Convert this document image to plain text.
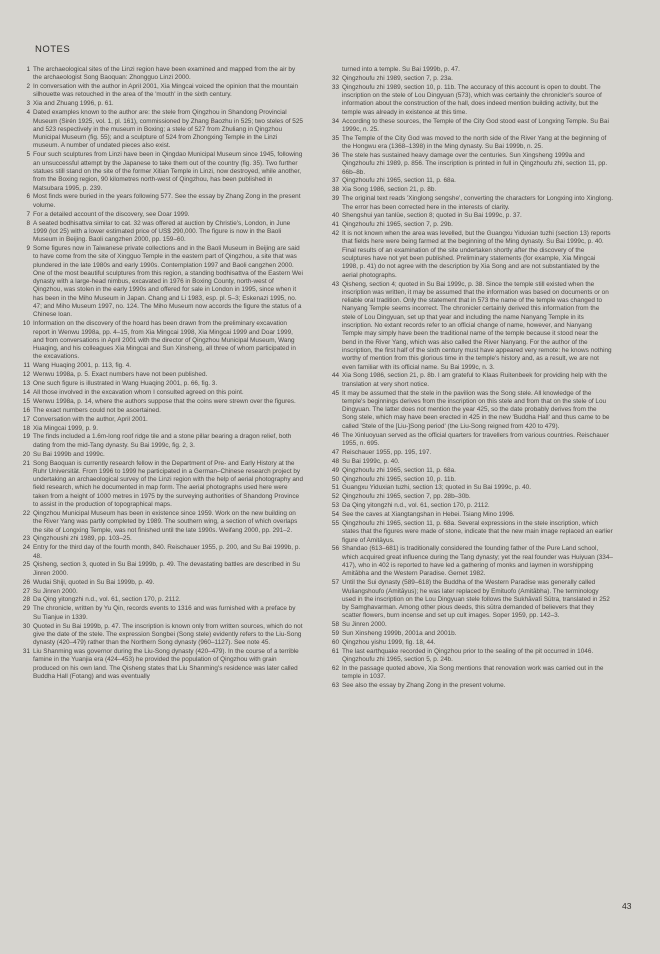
NOTES
1 The archaeological sites of the Linzi region have been examined and mapped from the air by the archaeologist Song Baoquan: Zhongguo Linzi 2000.
2 In conversation with the author in April 2001, Xia Mingcai voiced the opinion that the mountain silhouette was retouched in the area of the 'mouth' in the sixth century.
3 Xia and Zhuang 1996, p. 61.
4 Dated examples known to the author are: the stele from Qingzhou in Shandong Provincial Museum (Sirén 1925, vol. 1, pl. 161), commissioned by Zhang Baozhu in 525; two steles of 525 and 523 respectively in the museum in Boxing; a stele of 527 from Zhuliang in Qingzhou Municipal Museum (fig. 55); and a sculpture of 524 from Zhongxing Temple in the Linzi museum. A number of undated pieces also exist.
5 Four such sculptures from Linzi have been in Qingdao Municipal Museum since 1945, following an unsuccessful attempt by the Japanese to take them out of the country (fig. 35). Two further statues still stand on the site of the former Xitian Temple in Linzi, now destroyed, while another, from the Boxing region, 90 kilometres north-west of Qingzhou, has been published in Matsubara 1995, p. 239.
6 Most finds were buried in the years following 577. See the essay by Zhang Zong in the present volume.
7 For a detailed account of the discovery, see Doar 1999.
8 A seated bodhisattva similar to cat. 32 was offered at auction by Christie's, London, in June 1999 (lot 25) with a lower estimated price of US$ 290,000. The figure is now in the Baoli Museum in Beijing. Baoli cangzhen 2000, pp. 159–60.
9 Some figures now in Taiwanese private collections and in the Baoli Museum in Beijing are said to have come from the site of Xingguo Temple in the eastern part of Qingzhou, a site that was plundered in the late 1980s and early 1990s. Contemplation 1997 and Baoli cangzhen 2000. One of the most beautiful sculptures from this region, a standing bodhisattva of the Eastern Wei dynasty with a large-head nimbus, excavated in 1976 in Boxing County, north-west of Qingzhou, was stolen in the early 1990s and offered for sale in London in 1995, since when it has been in the Miho Museum in Japan. Chang and Li 1983, esp. pl. 5–3; Eskenazi 1995, no. 47; and Miho Museum 1997, no. 124. The Miho Museum now accords the figure the status of a Chinese loan.
10 Information on the discovery of the hoard has been drawn from the preliminary excavation report in Wenwu 1998a, pp. 4–15, from Xia Mingcai 1998, Xia Mingcai 1999 and Doar 1999, and from conversations in April 2001 with the director of Qingzhou Municipal Museum, Wang Huaqing, and his colleagues Xia Mingcai and Sun Xinsheng, all three of whom participated in the excavations.
11 Wang Huaqing 2001, p. 113, fig. 4.
12 Wenwu 1998a, p. 5. Exact numbers have not been published.
13 One such figure is illustrated in Wang Huaqing 2001, p. 66, fig. 3.
14 All those involved in the excavation whom I consulted agreed on this point.
15 Wenwu 1998a, p. 14, where the authors suppose that the coins were strewn over the figures.
16 The exact numbers could not be ascertained.
17 Conversation with the author, April 2001.
18 Xia Mingcai 1999, p. 9.
19 The finds included a 1.6m-long roof ridge tile and a stone pillar bearing a dragon relief, both dating from the mid-Tang dynasty. Su Bai 1999c, fig. 2, 3.
20 Su Bai 1999b and 1999c.
21 Song Baoquan is currently research fellow in the Department of Pre- and Early History at the Ruhr Universität. From 1996 to 1999 he participated in a German–Chinese research project by undertaking an archaeological survey of the Linzi region with the help of aerial photography and field research, which he documented in map form. The aerial photographs used here were taken from a height of 1000 metres in 1975 by the surveying authorities of Shandong Province to assist in the production of topographical maps.
22 Qingzhou Municipal Museum has been in existence since 1959. Work on the new building on the River Yang was partly completed by 1989. The southern wing, a section of which overlaps the site of Longxing Temple, was not finished until the late 1990s. Weifang 2000, pp. 291–2.
23 Qingzhoushi zhi 1989, pp. 103–25.
24 Entry for the third day of the fourth month, 840. Reischauer 1955, p. 200, and Su Bai 1999b, p. 48.
25 Qisheng, section 3, quoted in Su Bai 1999b, p. 49. The devastating battles are described in Su Jinren 2000.
26 Wudai Shiji, quoted in Su Bai 1999b, p. 49.
27 Su Jinren 2000.
28 Da Qing yitongzhi n.d., vol. 61, section 170, p. 2112.
29 The chronicle, written by Yu Qin, records events to 1316 and was furnished with a preface by Su Tianjue in 1339.
30 Quoted in Su Bai 1999b, p. 47. The inscription is known only from written sources, which do not give the date of the stele. The expression Songbei (Song stele) evidently refers to the Liu-Song dynasty (420–479) rather than the Northern Song dynasty (960–1127). See note 45.
31 Liu Shanming was governor during the Liu-Song dynasty (420–479). In the course of a terrible famine in the Yuanjia era (424–453) he provided the population of Qingzhou with grain produced on his own land. The Qisheng states that Liu Shanming's residence was later called Buddha Hall (Fotang) and was eventually
turned into a temple. Su Bai 1999b, p. 47.
32 Qingzhoufu zhi 1989, section 7, p. 23a.
33 Qingzhoufu zhi 1989, section 10, p. 11b. The accuracy of this account is open to doubt. The inscription on the stele of Lou Dingyuan (573), which was certainly the chronicler's source of information about the construction of the hall, does indeed mention building activity, but the temple was already in existence at this time.
34 According to these sources, the Temple of the City God stood east of Longxing Temple. Su Bai 1999c, n. 25.
35 The Temple of the City God was moved to the north side of the River Yang at the beginning of the Hongwu era (1368–1398) in the Ming dynasty. Su Bai 1999b, n. 25.
36 The stele has sustained heavy damage over the centuries. Sun Xingsheng 1999a and Qingzhoufu zhi 1989, p. 856. The inscription is printed in full in Qingzhoufu zhi, section 11, pp. 66b–8b.
37 Qingzhoufu zhi 1965, section 11, p. 68a.
38 Xia Song 1986, section 21, p. 8b.
39 The original text reads 'Xinglong sengshe', converting the characters for Longxing into Xinglong. The error has been corrected here in the interests of clarity.
40 Shengshui yan tanlüe, section 8; quoted in Su Bai 1999c, p. 37.
41 Qingzhoufu zhi 1965, section 7, p. 29b.
42 It is not known when the area was levelled, but the Guangxu Yiduxian tuzhi (section 13) reports that fields here were being farmed at the beginning of the Ming dynasty. Su Bai 1999c, p. 40. Final results of an examination of the site undertaken shortly after the discovery of the sculptures have not yet been published. Preliminary statements (for example, Xia Mingcai 1998, p. 41) do not agree with the description by Xia Song and are not substantiated by the aerial photographs.
43 Qisheng, section 4; quoted in Su Bai 1999c, p. 38. Since the temple still existed when the inscription was written, it may be assumed that the information was based on documents or on reliable oral tradition. Only the statement that in 573 the name of the temple was changed to Nanyang Temple seems incorrect. The chronicler certainly derived this information from the stele of Lou Dingyuan, set up that year and including the name Nanyang Temple in its inscription. No extant records refer to an official change of name, however, and Nanyang Temple may simply have been the traditional name of the temple because it stood near the bend in the River Yang, which was also called the River Nanyang. For the author of the inscription, the first half of the sixth century must have appeared very remote: he knows nothing worthy of mention from this glorious time in the temple's history and, as a result, we are not even familiar with its official name. Su Bai 1999c, n. 3.
44 Xia Song 1986, section 21, p. 8b. I am grateful to Klaas Ruitenbeek for providing help with the translation at very short notice.
45 It may be assumed that the stele in the pavilion was the Song stele. All knowledge of the temple's beginnings derives from the inscription on this stele and from that on the stele of Lou Dingyuan. The latter does not mention the year 425, so the date probably derives from the Song stele, which may have been erected in 425 in the new 'Buddha Hall' and thus came to be called 'Stele of the [Liu-]Song period' (the Liu-Song reigned from 420 to 479).
46 The Xinluoyuan served as the official quarters for travellers from various countries. Reischauer 1955, n. 695.
47 Reischauer 1955, pp. 195, 197.
48 Su Bai 1999c, p. 40.
49 Qingzhoufu zhi 1965, section 11, p. 68a.
50 Qingzhoufu zhi 1965, section 10, p. 11b.
51 Guangxu Yiduxian tuzhi, section 13; quoted in Su Bai 1999c, p. 40.
52 Qingzhoufu zhi 1965, section 7, pp. 28b–30b.
53 Da Qing yitongzhi n.d., vol. 61, section 170, p. 2112.
54 See the caves at Xiangtangshan in Hebei. Tsiang Mino 1996.
55 Qingzhoufu zhi 1965, section 11, p. 68a. Several expressions in the stele inscription, which states that the figures were made of stone, indicate that the new main image replaced an earlier figure of Amitāyus.
56 Shandao (613–681) is traditionally considered the founding father of the Pure Land school, which acquired great influence during the Tang dynasty; yet the real founder was Huiyuan (334–417), who in 402 is reported to have led a gathering of monks and laymen in worshipping Amitābha and the Western Paradise. Gernet 1982.
57 Until the Sui dynasty (589–618) the Buddha of the Western Paradise was generally called Wuliangshoufo (Amitāyus); he was later replaced by Emituofo (Amitābha). The terminology used in the inscription on the Lou Dingyuan stele follows the Sukhāvatī Sūtra, translated in 252 by Samghavarman. Among other pious deeds, this sūtra demanded of believers that they scatter flowers, burn incense and set up cult images. Soper 1959, pp. 142–3.
58 Su Jinren 2000.
59 Sun Xinsheng 1999b, 2001a and 2001b.
60 Qingzhou yishu 1999, fig. 18, 44.
61 The last earthquake recorded in Qingzhou prior to the sealing of the pit occurred in 1046. Qingzhoufu zhi 1965, section 5, p. 24b.
62 In the passage quoted above, Xia Song mentions that renovation work was carried out in the temple in 1037.
63 See also the essay by Zhang Zong in the present volume.
43
